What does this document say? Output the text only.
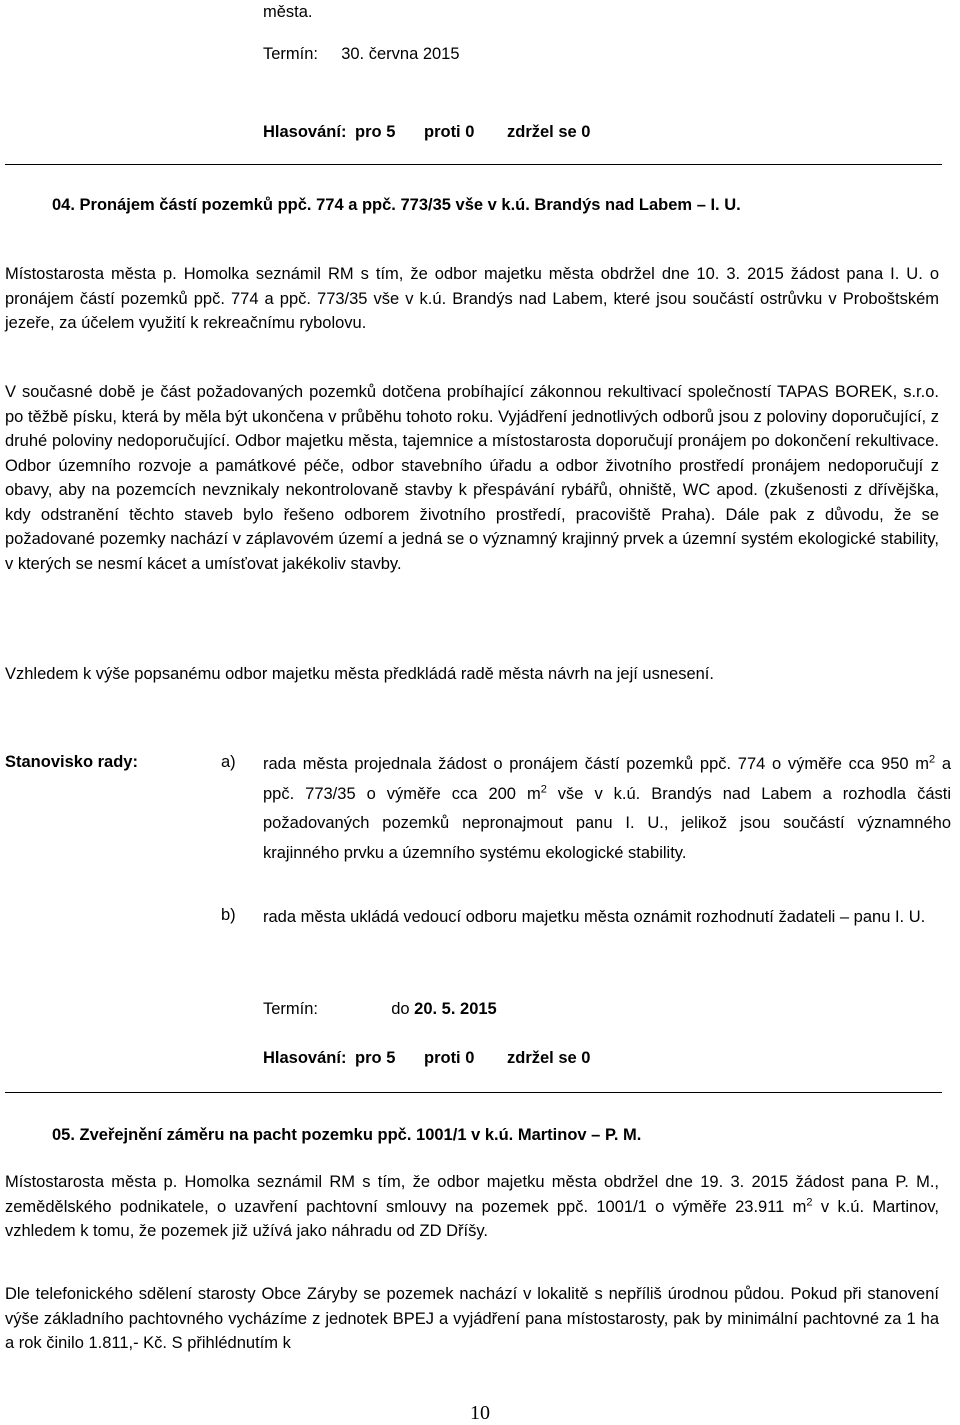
města.
Termín: 30. června 2015
Hlasování: pro 5 proti 0 zdržel se 0
04. Pronájem částí pozemků ppč. 774 a ppč. 773/35 vše v k.ú. Brandýs nad Labem – I. U.
Místostarosta města p. Homolka seznámil RM s tím, že odbor majetku města obdržel dne 10. 3. 2015 žádost pana I. U. o pronájem částí pozemků ppč. 774 a ppč. 773/35 vše v k.ú. Brandýs nad Labem, které jsou součástí ostrůvku v Proboštském jezeře, za účelem využití k rekreačnímu rybolovu.
V současné době je část požadovaných pozemků dotčena probíhající zákonnou rekultivací společností TAPAS BOREK, s.r.o. po těžbě písku, která by měla být ukončena v průběhu tohoto roku. Vyjádření jednotlivých odborů jsou z poloviny doporučující, z druhé poloviny nedoporučující. Odbor majetku města, tajemnice a místostarosta doporučují pronájem po dokončení rekultivace. Odbor územního rozvoje a památkové péče, odbor stavebního úřadu a odbor životního prostředí pronájem nedoporučují z obavy, aby na pozemcích nevznikaly nekontrolovaně stavby k přespávání rybářů, ohniště, WC apod. (zkušenosti z dřívějška, kdy odstranění těchto staveb bylo řešeno odborem životního prostředí, pracoviště Praha). Dále pak z důvodu, že se požadované pozemky nachází v záplavovém území a jedná se o významný krajinný prvek a územní systém ekologické stability, v kterých se nesmí kácet a umísťovat jakékoliv stavby.
Vzhledem k výše popsanému odbor majetku města předkládá radě města návrh na její usnesení.
Stanovisko rady:	a) rada města projednala žádost o pronájem částí pozemků ppč. 774 o výměře cca 950 $m^2$ a ppč. 773/35 o výměře cca 200 $m^2$ vše v k.ú. Brandýs nad Labem a rozhodla části požadovaných pozemků nepronajmout panu I. U., jelikož jsou součástí významného krajinného prvku a územního systému ekologické stability.
b) rada města ukládá vedoucí odboru majetku města oznámit rozhodnutí žadateli – panu I. U.
Termín:	do 20. 5. 2015
Hlasování: pro 5 proti 0 zdržel se 0
05. Zveřejnění záměru na pacht pozemku ppč. 1001/1 v k.ú. Martinov – P. M.
Místostarosta města p. Homolka seznámil RM s tím, že odbor majetku města obdržel dne 19. 3. 2015 žádost pana P. M., zemědělského podnikatele, o uzavření pachtovní smlouvy na pozemek ppč. 1001/1 o výměře 23.911 $m^2$ v k.ú. Martinov, vzhledem k tomu, že pozemek již užívá jako náhradu od ZD Dříšy.
Dle telefonického sdělení starosty Obce Záryby se pozemek nachází v lokalitě s nepříliš úrodnou půdou. Pokud při stanovení výše základního pachtovného vycházíme z jednotek BPEJ a vyjádření pana místostarosty, pak by minimální pachtovné za 1 ha a rok činilo 1.811,- Kč. S přihlédnutím k
10
